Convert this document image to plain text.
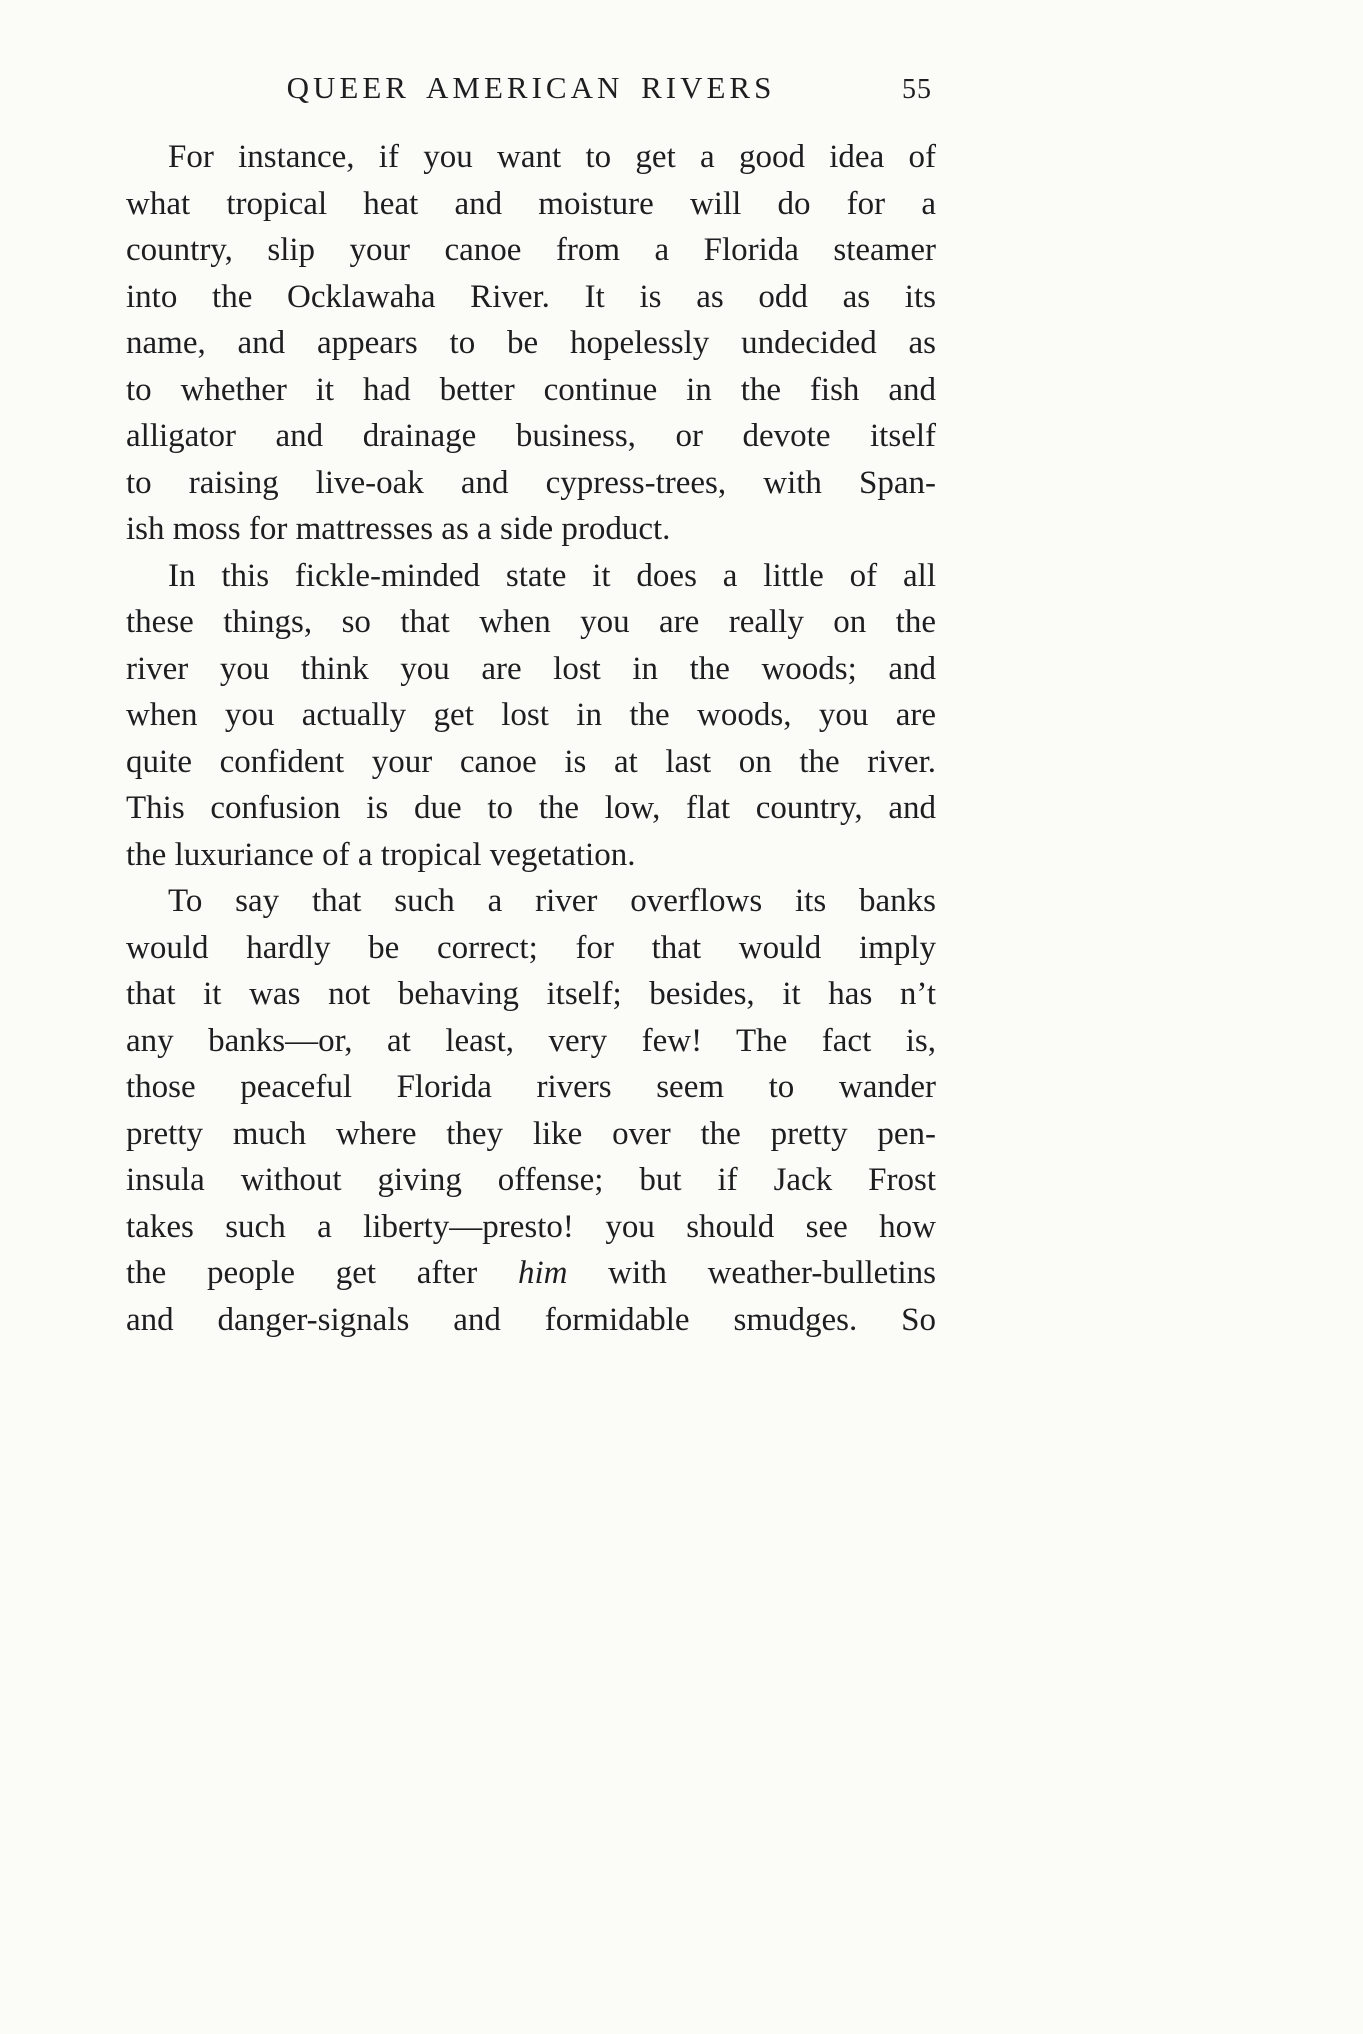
QUEER AMERICAN RIVERS	55
For instance, if you want to get a good idea of
what tropical heat and moisture will do for a
country, slip your canoe from a Florida steamer
into the Ocklawaha River. It is as odd as its
name, and appears to be hopelessly undecided as
to whether it had better continue in the fish and
alligator and drainage business, or devote itself
to raising live-oak and cypress-trees, with Span-
ish moss for mattresses as a side product.
In this fickle-minded state it does a little of all
these things, so that when you are really on the
river you think you are lost in the woods; and
when you actually get lost in the woods, you are
quite confident your canoe is at last on the river.
This confusion is due to the low, flat country, and
the luxuriance of a tropical vegetation.
To say that such a river overflows its banks
would hardly be correct; for that would imply
that it was not behaving itself; besides, it has n’t
any banks—or, at least, very few! The fact is,
those peaceful Florida rivers seem to wander
pretty much where they like over the pretty pen-
insula without giving offense; but if Jack Frost
takes such a liberty—presto! you should see how
the people get after him with weather-bulletins
and danger-signals and formidable smudges. So
